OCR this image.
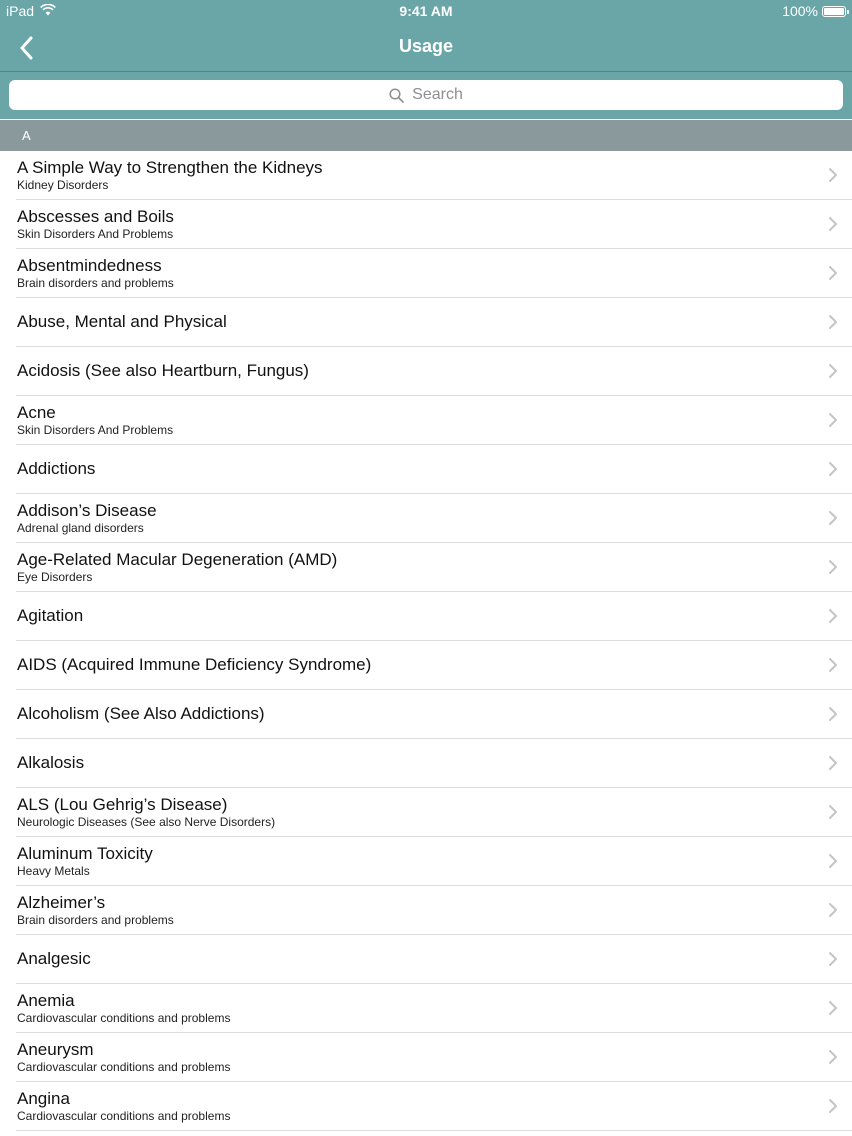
iPad	9:41 AM	100%
Usage
Search
A
A Simple Way to Strengthen the Kidneys
Kidney Disorders
Abscesses and Boils
Skin Disorders And Problems
Absentmindedness
Brain disorders and problems
Abuse, Mental and Physical
Acidosis (See also Heartburn, Fungus)
Acne
Skin Disorders And Problems
Addictions
Addison’s Disease
Adrenal gland disorders
Age-Related Macular Degeneration (AMD)
Eye Disorders
Agitation
AIDS (Acquired Immune Deficiency Syndrome)
Alcoholism (See Also Addictions)
Alkalosis
ALS (Lou Gehrig’s Disease)
Neurologic Diseases (See also Nerve Disorders)
Aluminum Toxicity
Heavy Metals
Alzheimer’s
Brain disorders and problems
Analgesic
Anemia
Cardiovascular conditions and problems
Aneurysm
Cardiovascular conditions and problems
Angina
Cardiovascular conditions and problems
